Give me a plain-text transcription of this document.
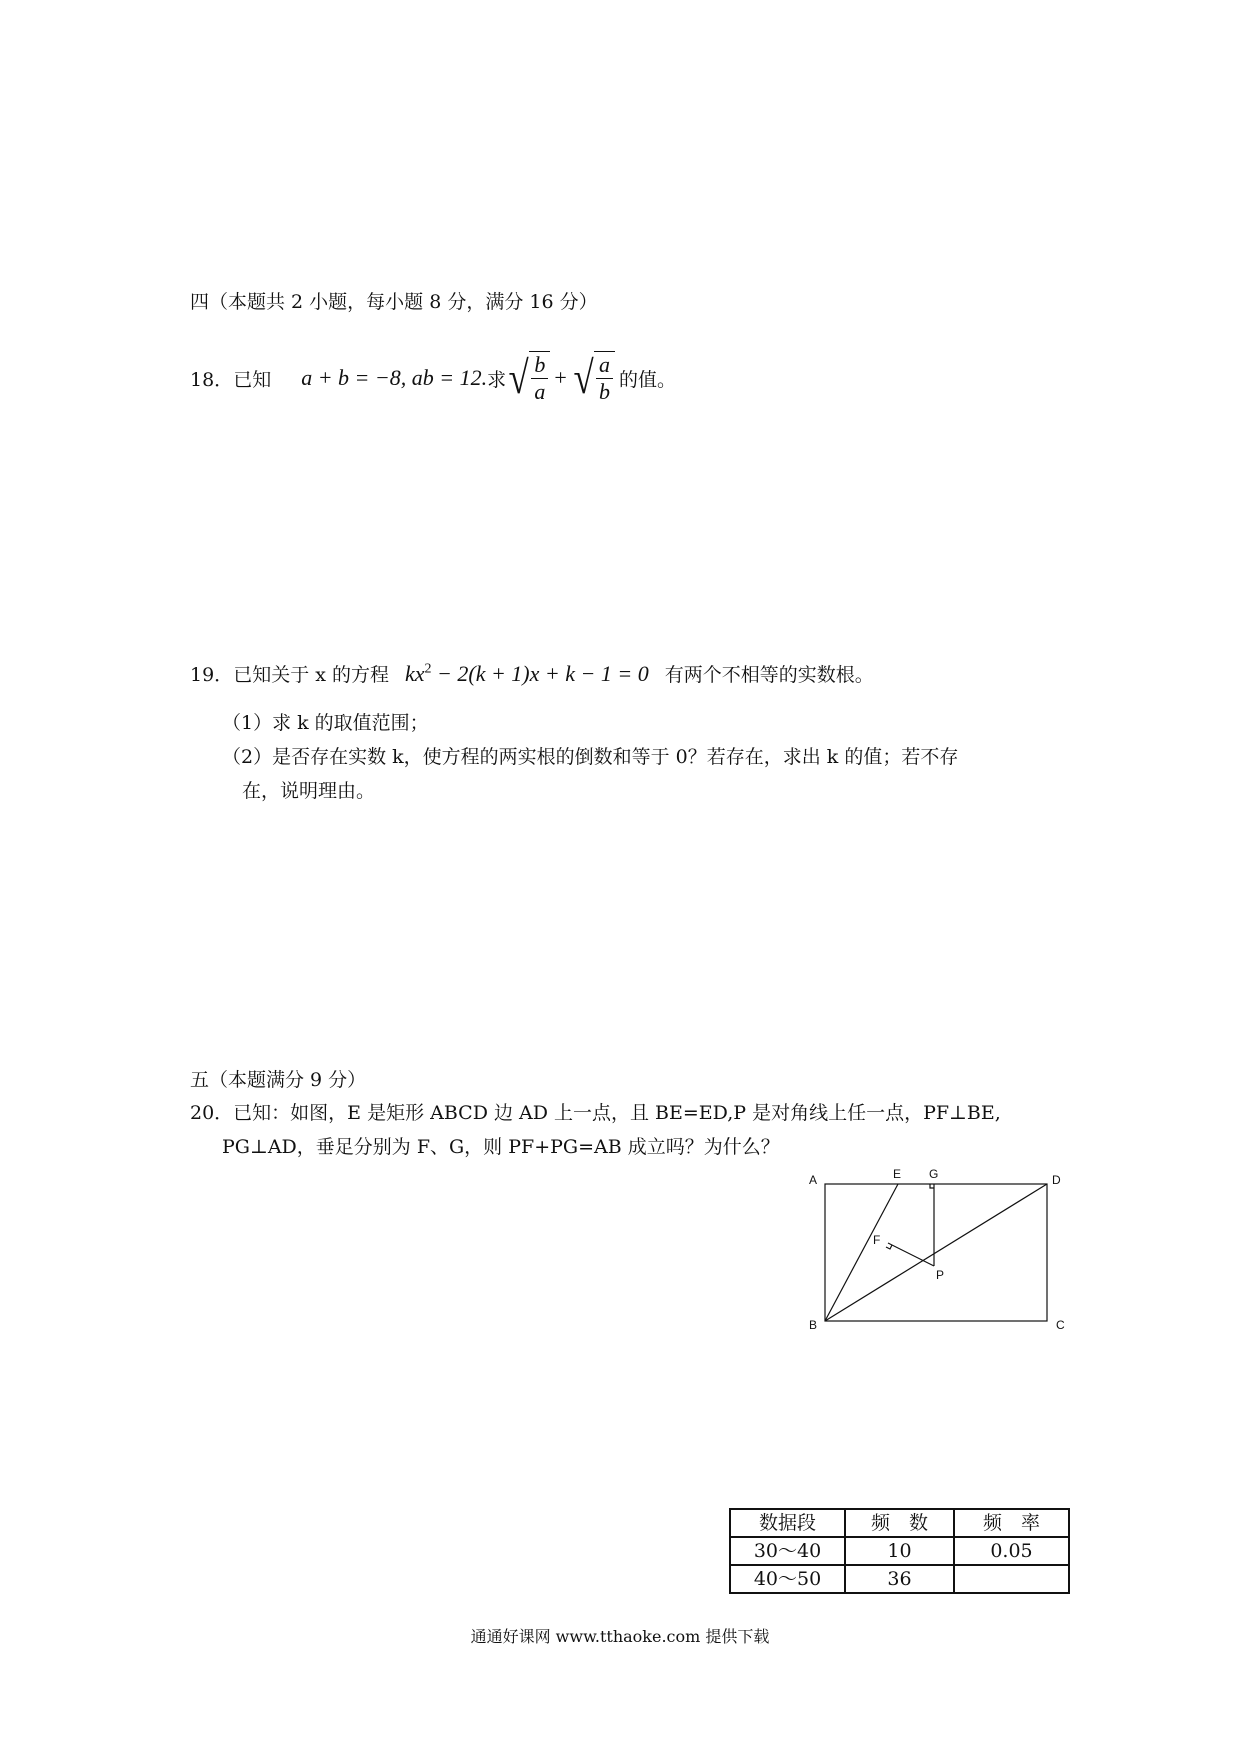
四（本题共 2 小题，每小题 8 分，满分 16 分）
18． 已知 a + b = −8, ab = 12. 求 √ $\frac{b}{a}$ + √ $\frac{a}{b}$ 的值。
19． 已知关于 x 的方程 $kx^2 - 2(k + 1)x + k - 1 = 0$ 有两个不相等的实数根。
（1）求 k 的取值范围；
（2）是否存在实数 k，使方程的两实根的倒数和等于 0？若存在，求出 k 的值；若不存
在，说明理由。
五（本题满分 9 分）
20．已知：如图，E 是矩形 ABCD 边 AD 上一点，且 BE=ED,P 是对角线上任一点，PF⊥BE,
PG⊥AD，垂足分别为 F、G，则 PF+PG=AB 成立吗？为什么？
A	E G	D
F
P
B	C
数据段	频　数	频　率
30～40	10	0.05
40～50	36	
通通好课网 www.tthaoke.com 提供下载
